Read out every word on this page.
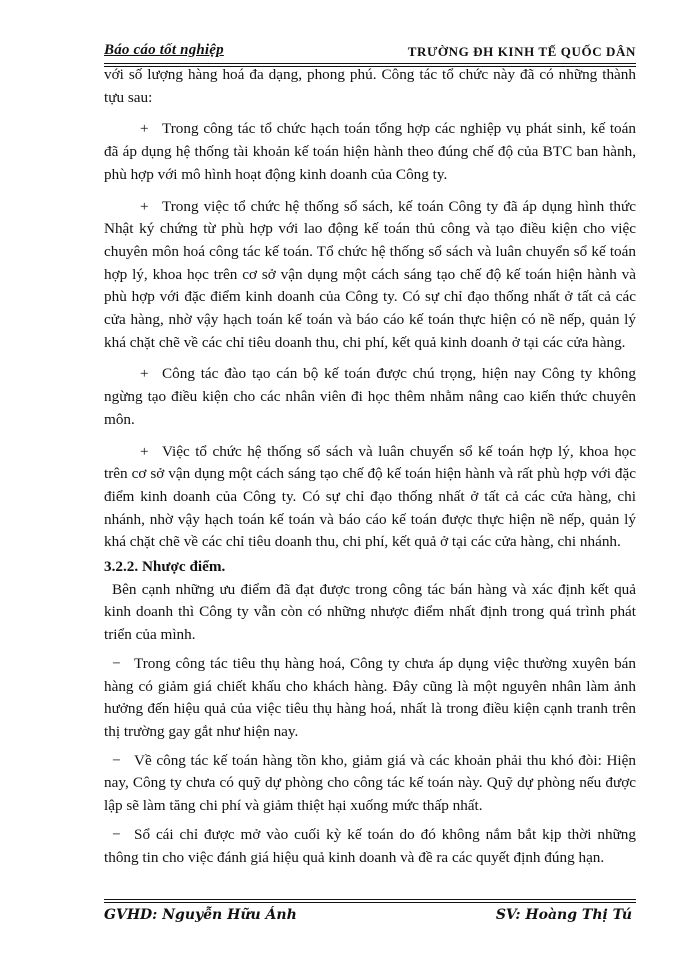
Báo cáo tốt nghiệp	TRƯỜNG ĐH KINH TẾ QUỐC DÂN

với số lượng hàng hoá đa dạng, phong phú. Công tác tổ chức này đã có những thành tựu sau:

+ Trong công tác tổ chức hạch toán tổng hợp các nghiệp vụ phát sinh, kế toán đã áp dụng hệ thống tài khoản kế toán hiện hành theo đúng chế độ của BTC ban hành, phù hợp với mô hình hoạt động kinh doanh của Công ty.

+ Trong việc tổ chức hệ thống sổ sách, kế toán Công ty đã áp dụng hình thức Nhật ký chứng từ phù hợp với lao động kế toán thủ công và tạo điều kiện cho việc chuyên môn hoá công tác kế toán. Tổ chức hệ thống sổ sách và luân chuyển sổ kế toán hợp lý, khoa học trên cơ sở vận dụng một cách sáng tạo chế độ kế toán hiện hành và phù hợp với đặc điểm kinh doanh của Công ty. Có sự chỉ đạo thống nhất ở tất cả các cửa hàng, nhờ vậy hạch toán kế toán và báo cáo kế toán thực hiện có nề nếp, quản lý khá chặt chẽ về các chỉ tiêu doanh thu, chi phí, kết quả kinh doanh ở tại các cửa hàng.

+ Công tác đào tạo cán bộ kế toán được chú trọng, hiện nay Công ty không ngừng tạo điều kiện cho các nhân viên đi học thêm nhằm nâng cao kiến thức chuyên môn.

+ Việc tổ chức hệ thống sổ sách và luân chuyển sổ kế toán hợp lý, khoa học trên cơ sở vận dụng một cách sáng tạo chế độ kế toán hiện hành và rất phù hợp với đặc điểm kinh doanh của Công ty. Có sự chỉ đạo thống nhất ở tất cả các cửa hàng, chi nhánh, nhờ vậy hạch toán kế toán và báo cáo kế toán được thực hiện nề nếp, quản lý khá chặt chẽ về các chỉ tiêu doanh thu, chi phí, kết quả ở tại các cửa hàng, chi nhánh.

3.2.2. Nhược điểm.

Bên cạnh những ưu điểm đã đạt được trong công tác bán hàng và xác định kết quả kinh doanh thì Công ty vẫn còn có những nhược điểm nhất định trong quá trình phát triển của mình.

− Trong công tác tiêu thụ hàng hoá, Công ty chưa áp dụng việc thường xuyên bán hàng có giảm giá chiết khấu cho khách hàng. Đây cũng là một nguyên nhân làm ảnh hưởng đến hiệu quả của việc tiêu thụ hàng hoá, nhất là trong điều kiện cạnh tranh trên thị trường gay gắt như hiện nay.

− Về công tác kế toán hàng tồn kho, giảm giá và các khoản phải thu khó đòi: Hiện nay, Công ty chưa có quỹ dự phòng cho công tác kế toán này. Quỹ dự phòng nếu được lập sẽ làm tăng chi phí và giảm thiệt hại xuống mức thấp nhất.

− Sổ cái chỉ được mở vào cuối kỳ kế toán do đó không nắm bắt kịp thời những thông tin cho việc đánh giá hiệu quả kinh doanh và đề ra các quyết định đúng hạn.

GVHD: Nguyễn Hữu Ánh	SV: Hoàng Thị Tú
